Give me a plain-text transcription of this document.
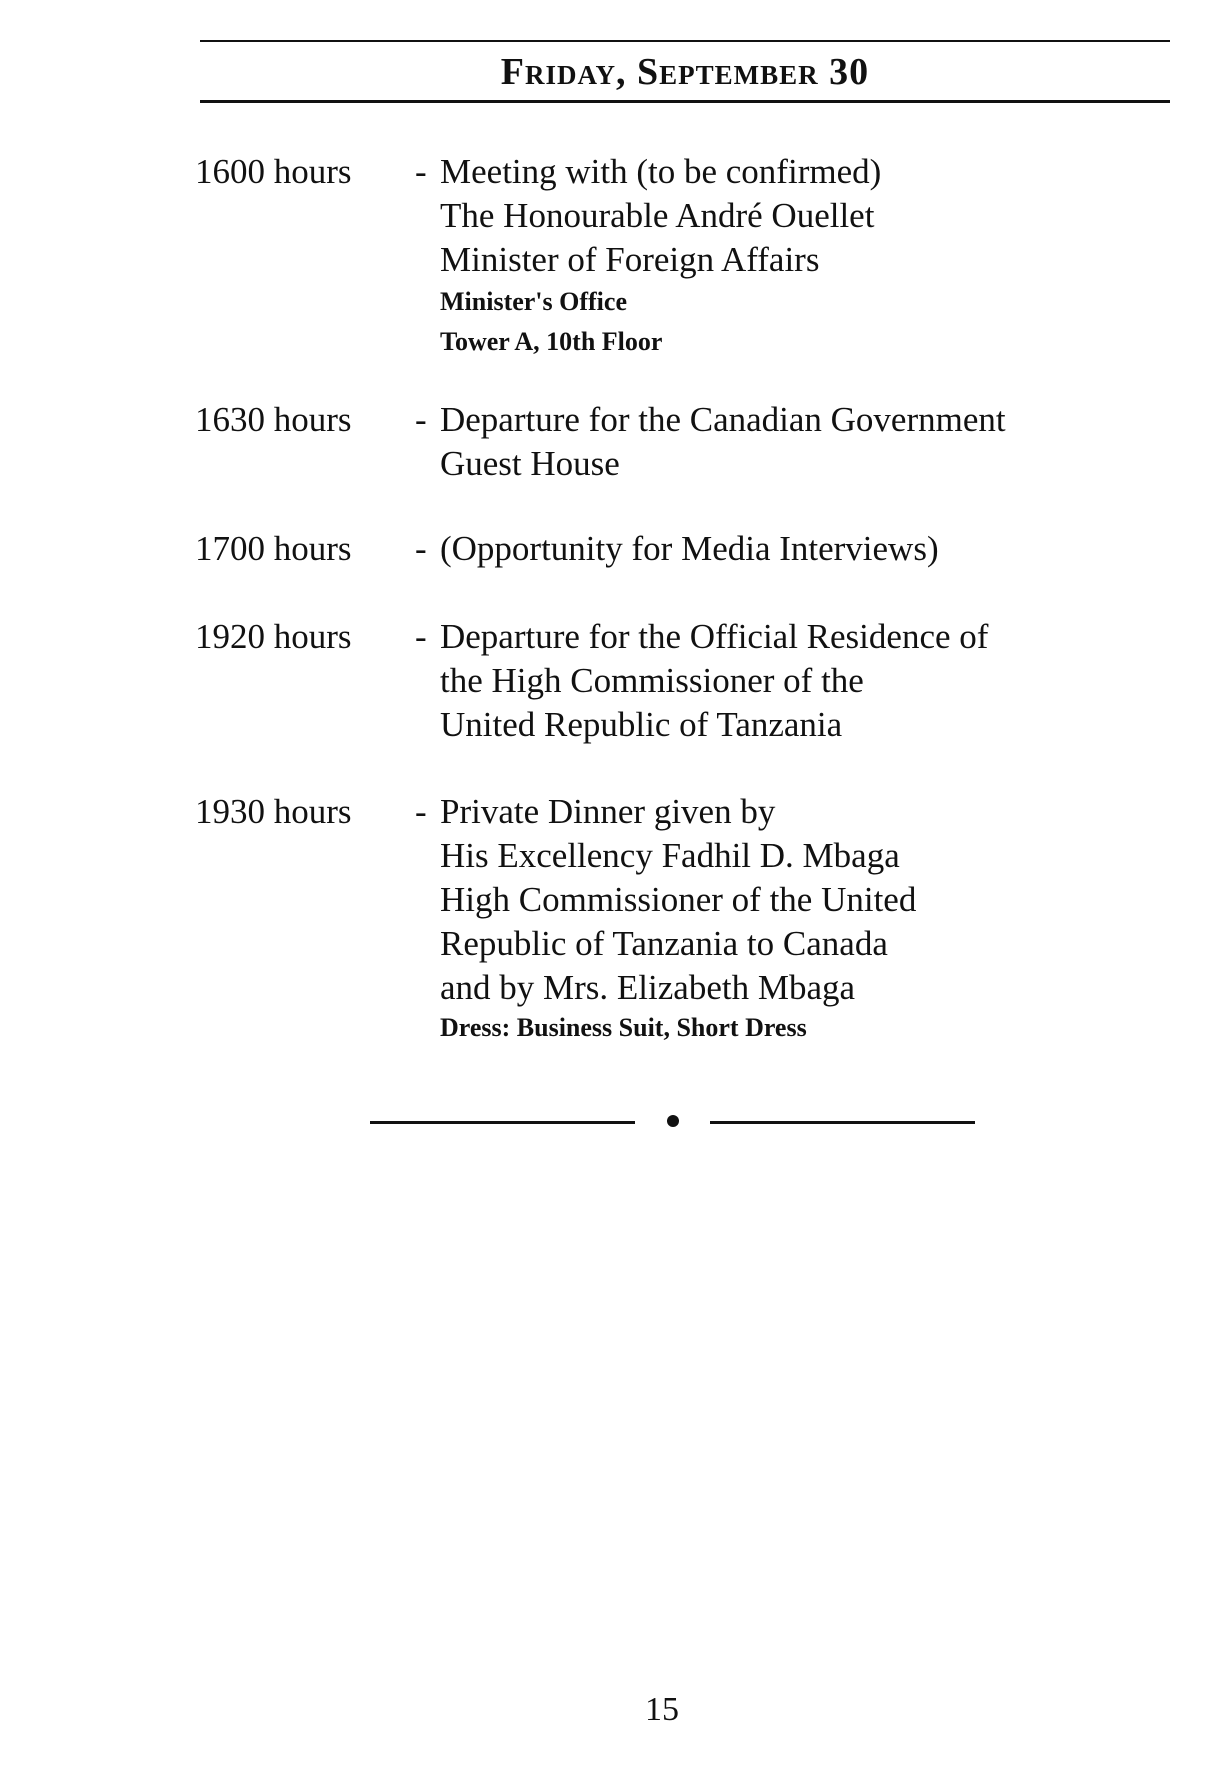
Friday, September 30
1600 hours	- Meeting with (to be confirmed)
The Honourable André Ouellet
Minister of Foreign Affairs
Minister's Office
Tower A, 10th Floor
1630 hours	- Departure for the Canadian Government
Guest House
1700 hours	- (Opportunity for Media Interviews)
1920 hours	- Departure for the Official Residence of
the High Commissioner of the
United Republic of Tanzania
1930 hours	- Private Dinner given by
His Excellency Fadhil D. Mbaga
High Commissioner of the United
Republic of Tanzania to Canada
and by Mrs. Elizabeth Mbaga
Dress: Business Suit, Short Dress
15
